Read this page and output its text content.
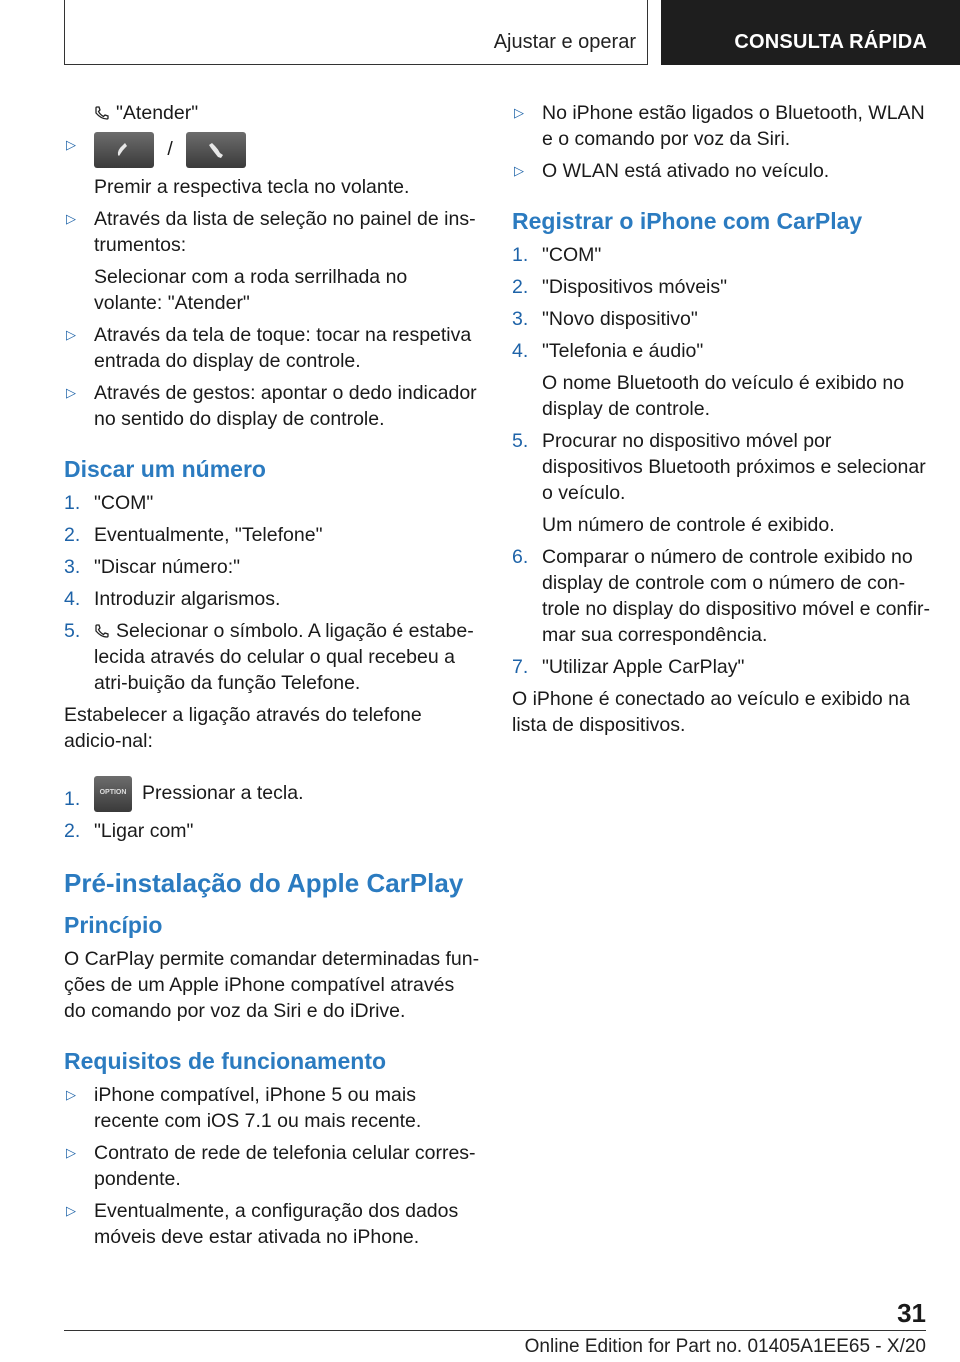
Ajustar e operar	CONSULTA RÁPIDA
"Atender"
▷	/

Premir a respectiva tecla no volante.

▷ Através da lista de seleção no painel de ins-trumentos:

Selecionar com a roda serrilhada no volante: "Atender"

▷ Através da tela de toque: tocar na respetiva entrada do display de controle.

▷ Através de gestos: apontar o dedo indicador no sentido do display de controle.

Discar um número
1. "COM"

2. Eventualmente, "Telefone"

3. "Discar número:"

4. Introduzir algarismos.

5.	Selecionar o símbolo. A ligação é estabe-lecida através do celular o qual recebeu a atri-buição da função Telefone.

Estabelecer a ligação através do telefone adicio-nal:

1.	OPTION Pressionar a tecla.

2. "Ligar com"

Pré-instalação do Apple CarPlay
Princípio

O CarPlay permite comandar determinadas fun-ções de um Apple iPhone compatível através do comando por voz da Siri e do iDrive.

Requisitos de funcionamento
▷ iPhone compatível, iPhone 5 ou mais recente com iOS 7.1 ou mais recente.

▷ Contrato de rede de telefonia celular corres-pondente.

▷ Eventualmente, a configuração dos dados móveis deve estar ativada no iPhone.

▷ No iPhone estão ligados o Bluetooth, WLAN e o comando por voz da Siri.

▷ O WLAN está ativado no veículo.

Registrar o iPhone com CarPlay
1. "COM"

2. "Dispositivos móveis"

3. "Novo dispositivo"

4. "Telefonia e áudio"

O nome Bluetooth do veículo é exibido no display de controle.

5. Procurar no dispositivo móvel por dispositivos Bluetooth próximos e selecionar o veículo.

Um número de controle é exibido.

6. Comparar o número de controle exibido no display de controle com o número de con-trole no display do dispositivo móvel e confir-mar sua correspondência.

7. "Utilizar Apple CarPlay"

O iPhone é conectado ao veículo e exibido na lista de dispositivos.

31
Online Edition for Part no. 01405A1EE65 - X/20
